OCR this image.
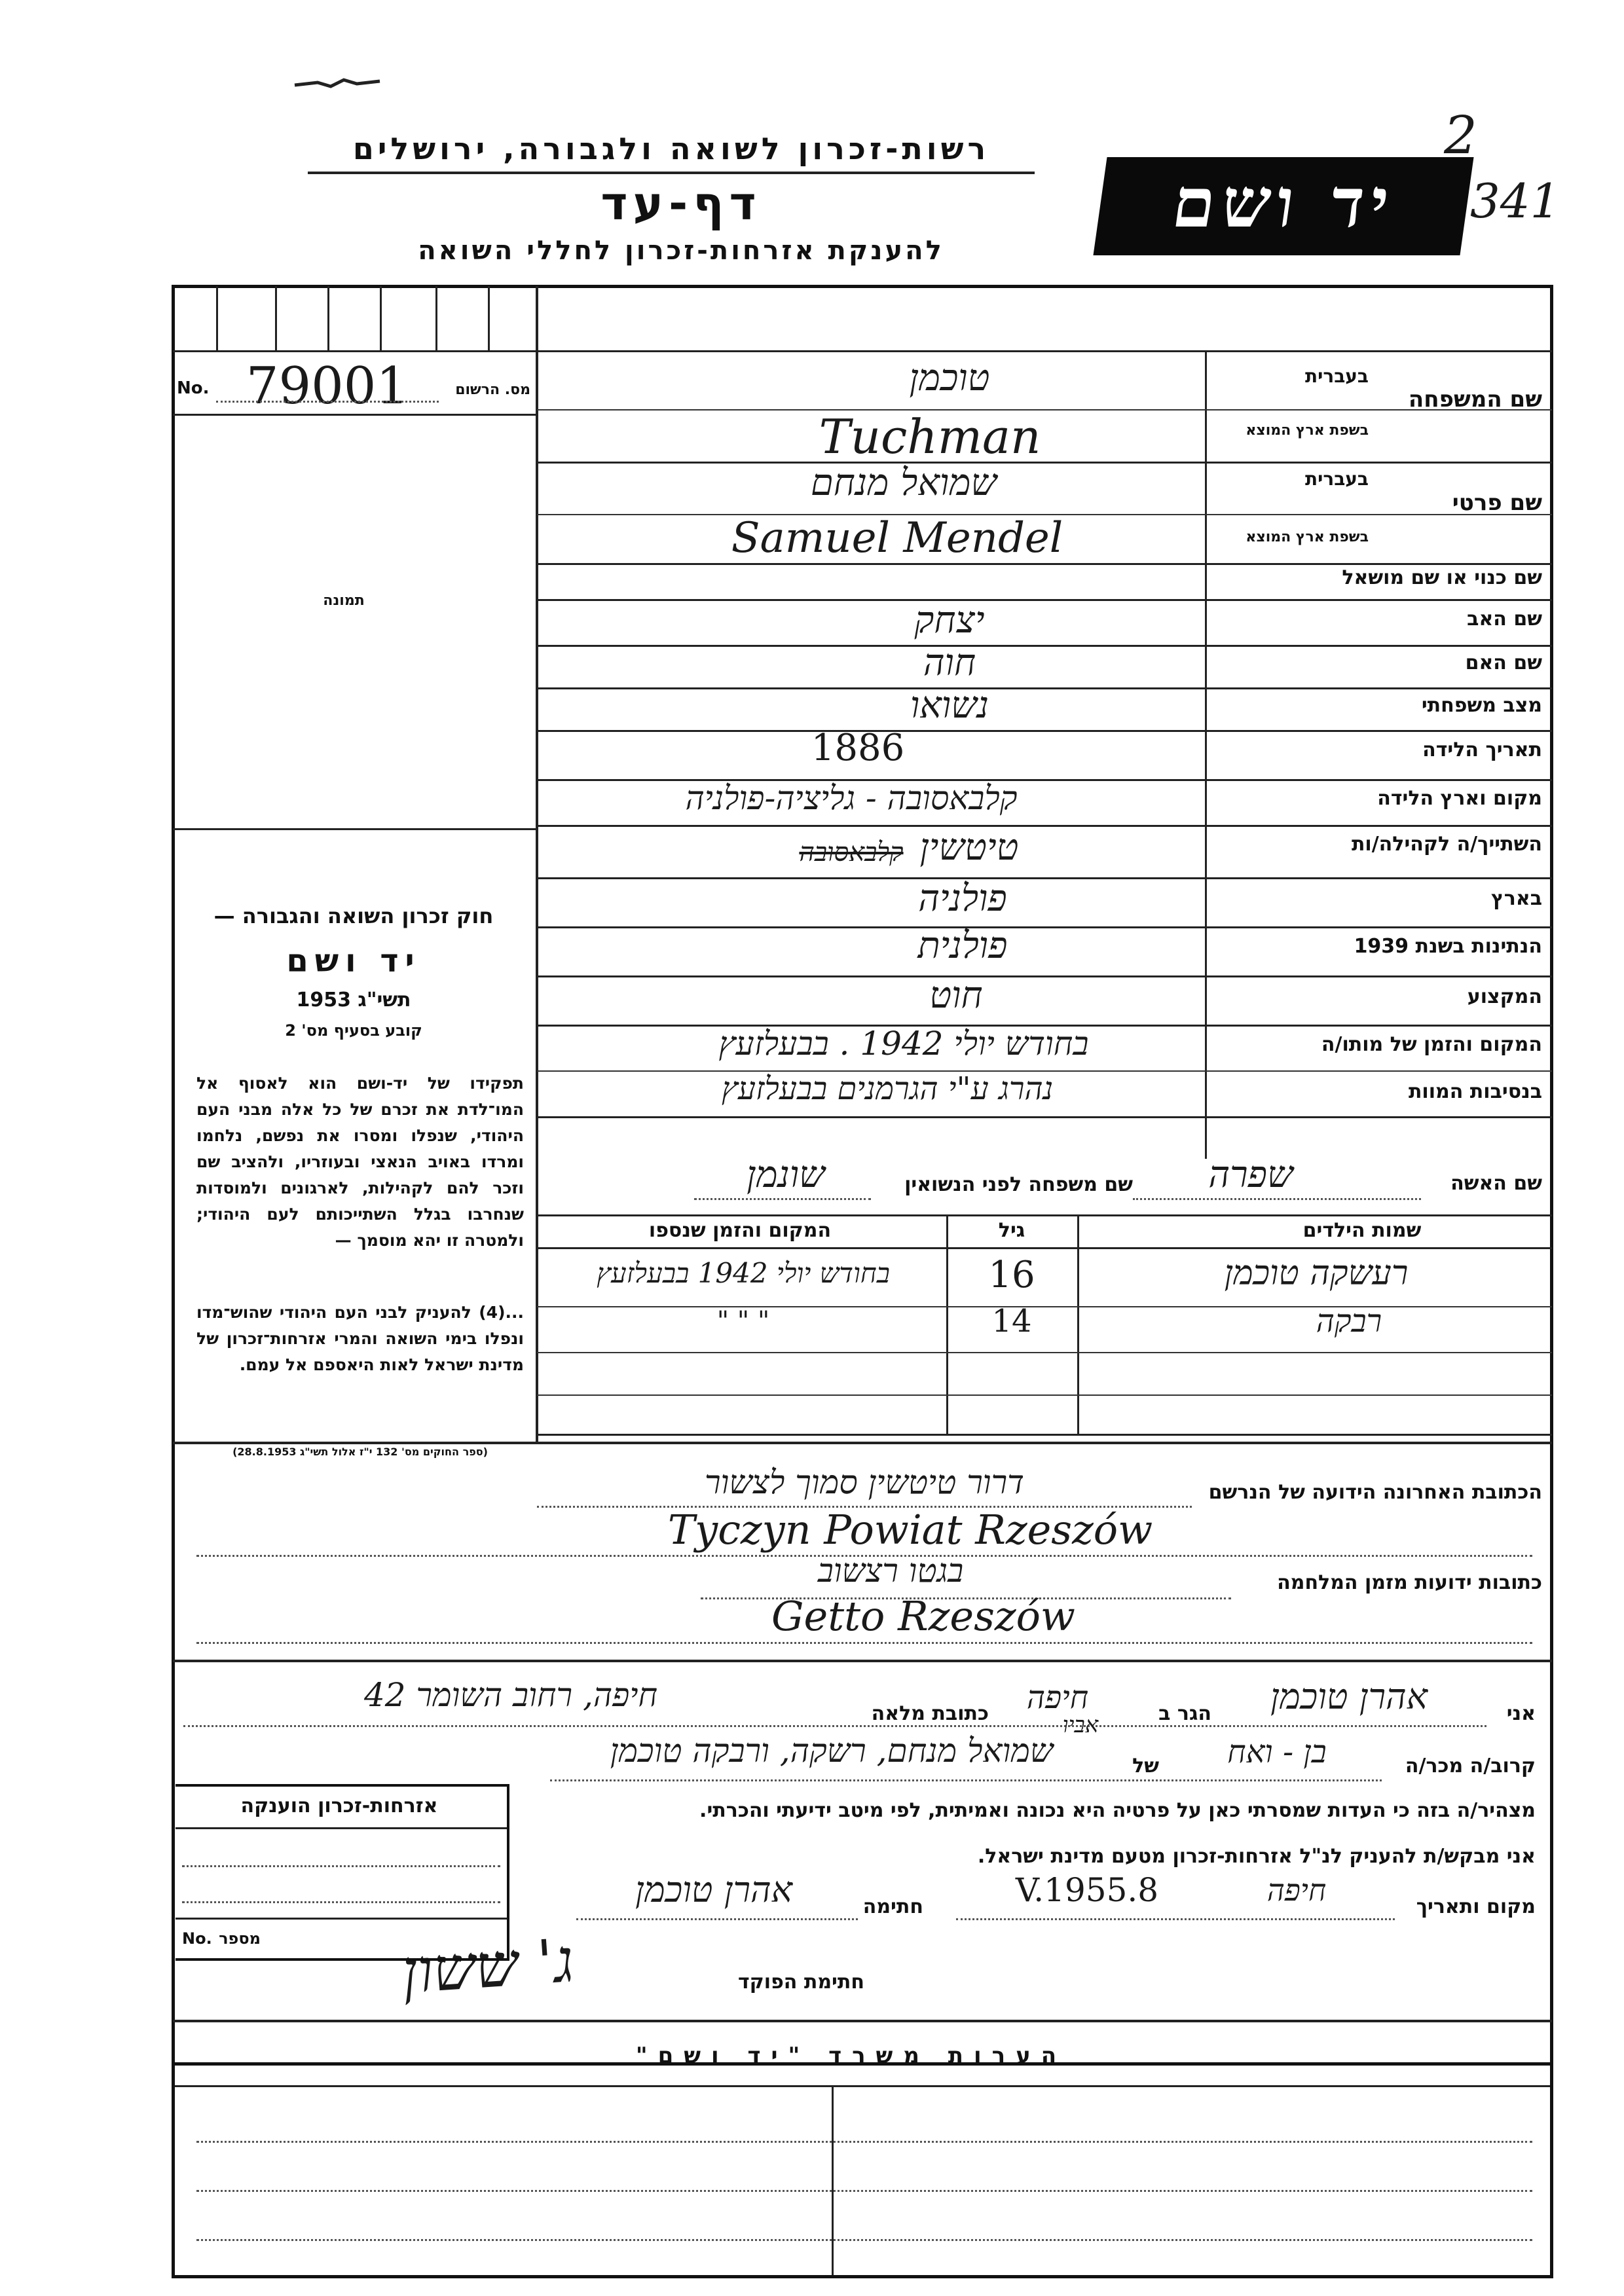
רשות-זכרון לשואה ולגבורה, ירושלים
דף-עד
להענקת אזרחות-זכרון לחללי השואה
יד ושם
2
341
No. 79001	מס. הרשום
תמונה
חוק זכרון השואה והגבורה —
יד ושם
תשי"ג 1953
קובע בסעיף מס' 2
תפקידו של יד-ושם הוא לאסוף אל המו־לדת את זכרם של כל אלה מבני העם היהודי, שנפלו ומסרו את נפשם, נלחמו ומרדו באויב הנאצי ובעוזריו, ולהציב שם וזכר להם לקהילות, לארגונים ולמוסדות שנחרבו בגלל השתייכותם לעם היהודי; ולמטרה זו יהא מוסמך —
...(4) להעניק לבני העם היהודי שהוש־מדו ונפלו בימי השואה והמרי אזרחות־זכרון של מדינת ישראל לאות היאספם אל עמם.
(ספר החוקים מס' 132 י"ז אלול תשי"ג 28.8.1953)
שם המשפחה
בעברית
בשפת ארץ המוצא
טוכמן
Tuchman
שם פרטי
בעברית
בשפת ארץ המוצא
שמואל מנחם
Samuel Mendel
שם כנוי או שם מושאל
שם האב
יצחק
שם האם
חוה
מצב משפחתי
נשואו
תאריך הלידה
1886
מקום וארץ הלידה
קלבאסובה - גליציה-פולניה
השתייך/ה לקהילה/ות
טיטשין
קלבאסובה
בארץ
פולניה
הנתינות בשנת 1939
פולנית
המקצוע
חוט
המקום והזמן של מותו/ה
בחודש יולי 1942 . בבעלזעץ
בנסיבות המוות
נהרג ע"י הגרמנים בבעלזעץ
שם האשה
שפרה
שם משפחה לפני הנשואין
שונמן
שמות הילדים
גיל
המקום והזמן שנספו
רעשקה טוכמן
16
בחודש יולי 1942 בבעלזעץ
רבקה
14
" " "
הכתובת האחרונה הידועה של הנרשם
דרור טיטשין סמוך לצשור
Tyczyn Powiat Rzeszów
כתובות ידועות מזמן המלחמה
בגטו רצשוב
Getto Rzeszów
אני
אהרן טוכמן
הגר ב
חיפה
כתובת מלאה
חיפה, רחוב השומר 42
קרוב/ה מכר/ה
בן - ואח
של
אביו
שמואל מנחם, רשקה, ורבקה טוכמן
מצהיר/ה בזה כי העדות שמסרתי כאן על פרטיה היא נכונה ואמיתית, לפי מיטב ידיעתי והכרתי.
אני מבקש/ת להעניק לנ"ל אזרחות-זכרון מטעם מדינת ישראל.
מקום ותאריך
חיפה
8.V.1955
חתימה
אהרן טוכמן
חתימת הפוקד
ג' ששון
אזרחות-זכרון הוענקה
No. מספר
הערות משרד "יד ושם"
